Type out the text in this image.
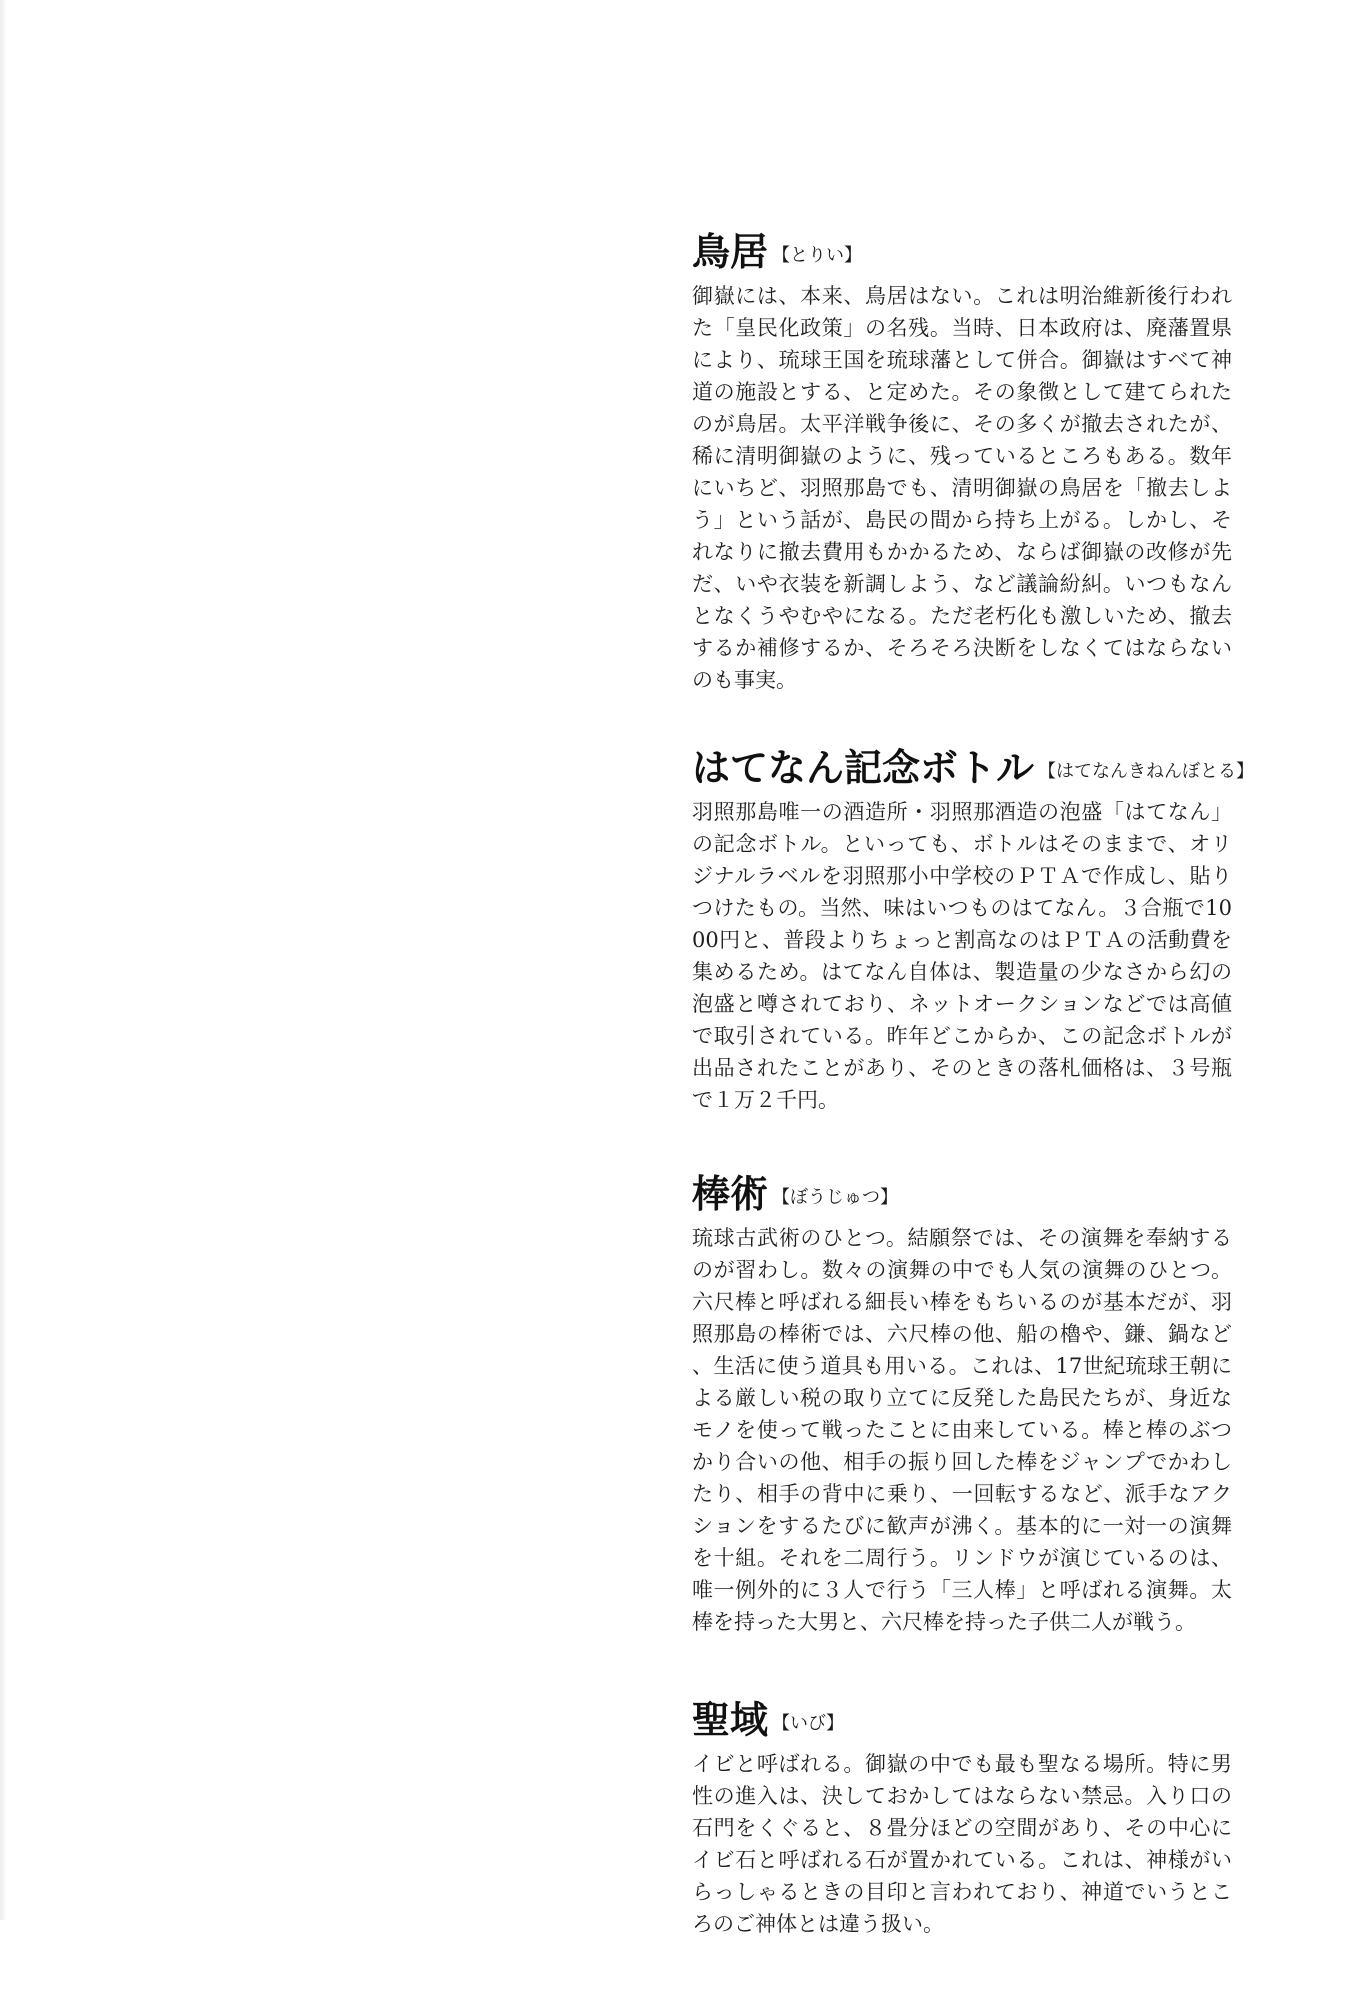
鳥居 【とりい】

御嶽には、本来、鳥居はない。これは明治維新後行われた「皇民化政策」の名残。当時、日本政府は、廃藩置県により、琉球王国を琉球藩として併合。御嶽はすべて神道の施設とする、と定めた。その象徴として建てられたのが鳥居。太平洋戦争後に、その多くが撤去されたが、稀に清明御嶽のように、残っているところもある。数年にいちど、羽照那島でも、清明御嶽の鳥居を「撤去しよう」という話が、島民の間から持ち上がる。しかし、それなりに撤去費用もかかるため、ならば御嶽の改修が先だ、いや衣装を新調しよう、など議論紛糾。いつもなんとなくうやむやになる。ただ老朽化も激しいため、撤去するか補修するか、そろそろ決断をしなくてはならないのも事実。

はてなん記念ボトル 【はてなんきねんぼとる】

羽照那島唯一の酒造所・羽照那酒造の泡盛「はてなん」の記念ボトル。といっても、ボトルはそのままで、オリジナルラベルを羽照那小中学校のＰＴＡで作成し、貼りつけたもの。当然、味はいつものはてなん。３合瓶で1000円と、普段よりちょっと割高なのはＰＴＡの活動費を集めるため。はてなん自体は、製造量の少なさから幻の泡盛と噂されており、ネットオークションなどでは高値で取引されている。昨年どこからか、この記念ボトルが出品されたことがあり、そのときの落札価格は、３号瓶で１万２千円。

棒術 【ぼうじゅつ】

琉球古武術のひとつ。結願祭では、その演舞を奉納するのが習わし。数々の演舞の中でも人気の演舞のひとつ。六尺棒と呼ばれる細長い棒をもちいるのが基本だが、羽照那島の棒術では、六尺棒の他、船の櫓や、鎌、鍋など、生活に使う道具も用いる。これは、17世紀琉球王朝による厳しい税の取り立てに反発した島民たちが、身近なモノを使って戦ったことに由来している。棒と棒のぶつかり合いの他、相手の振り回した棒をジャンプでかわしたり、相手の背中に乗り、一回転するなど、派手なアクションをするたびに歓声が沸く。基本的に一対一の演舞を十組。それを二周行う。リンドウが演じているのは、唯一例外的に３人で行う「三人棒」と呼ばれる演舞。太棒を持った大男と、六尺棒を持った子供二人が戦う。

聖域 【いび】

イビと呼ばれる。御嶽の中でも最も聖なる場所。特に男性の進入は、決しておかしてはならない禁忌。入り口の石門をくぐると、８畳分ほどの空間があり、その中心にイビ石と呼ばれる石が置かれている。これは、神様がいらっしゃるときの目印と言われており、神道でいうところのご神体とは違う扱い。
